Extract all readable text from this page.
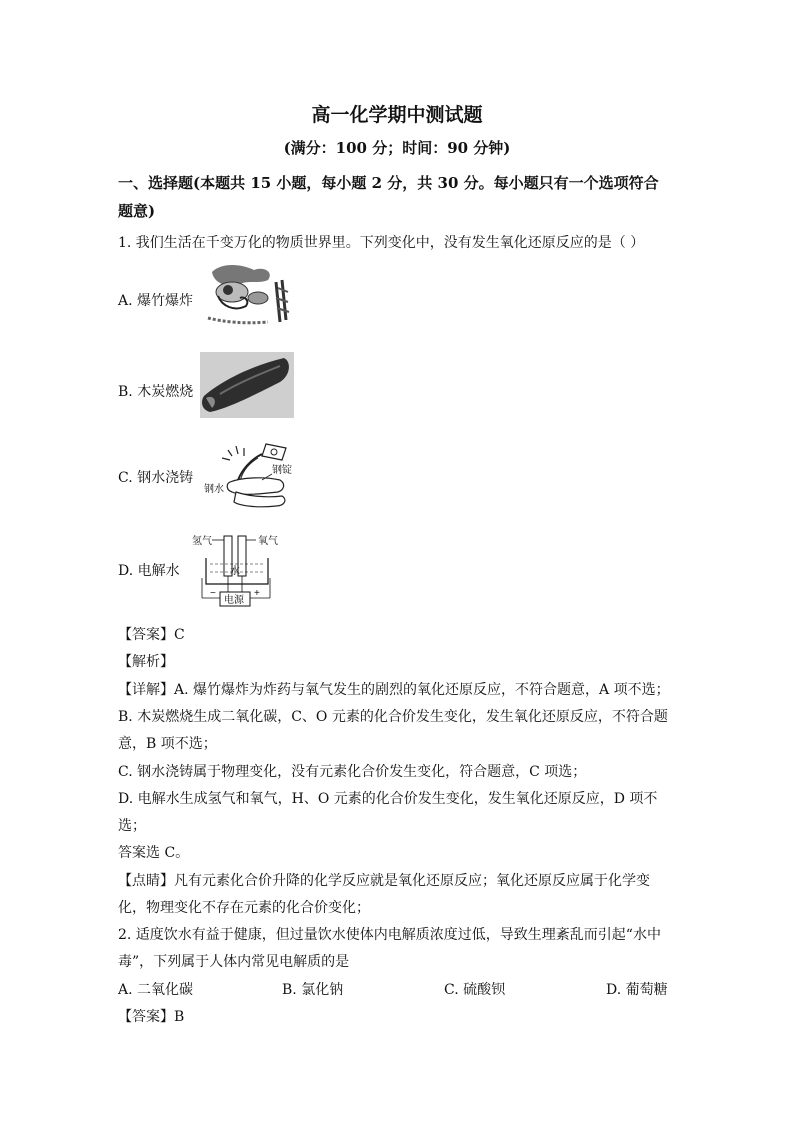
高一化学期中测试题
(满分：100 分；时间：90 分钟)
一、选择题(本题共 15 小题，每小题 2 分，共 30 分。每小题只有一个选项符合
题意)
1. 我们生活在千变万化的物质世界里。下列变化中，没有发生氧化还原反应的是（ ）
A. 爆竹爆炸
B. 木炭燃烧
C. 钢水浇铸
钢水
钢锭
D. 电解水
氢气	氧气
水
电源
−	+
【答案】C
【解析】
【详解】A. 爆竹爆炸为炸药与氧气发生的剧烈的氧化还原反应，不符合题意，A 项不选；
B. 木炭燃烧生成二氧化碳，C、O 元素的化合价发生变化，发生氧化还原反应，不符合题
意，B 项不选；
C. 钢水浇铸属于物理变化，没有元素化合价发生变化，符合题意，C 项选；
D. 电解水生成氢气和氧气，H、O 元素的化合价发生变化，发生氧化还原反应，D 项不
选；
答案选 C。
【点睛】凡有元素化合价升降的化学反应就是氧化还原反应；氧化还原反应属于化学变
化，物理变化不存在元素的化合价变化；
2. 适度饮水有益于健康，但过量饮水使体内电解质浓度过低，导致生理紊乱而引起“水中
毒”，下列属于人体内常见电解质的是
A. 二氧化碳	B. 氯化钠	C. 硫酸钡	D. 葡萄糖
【答案】B
